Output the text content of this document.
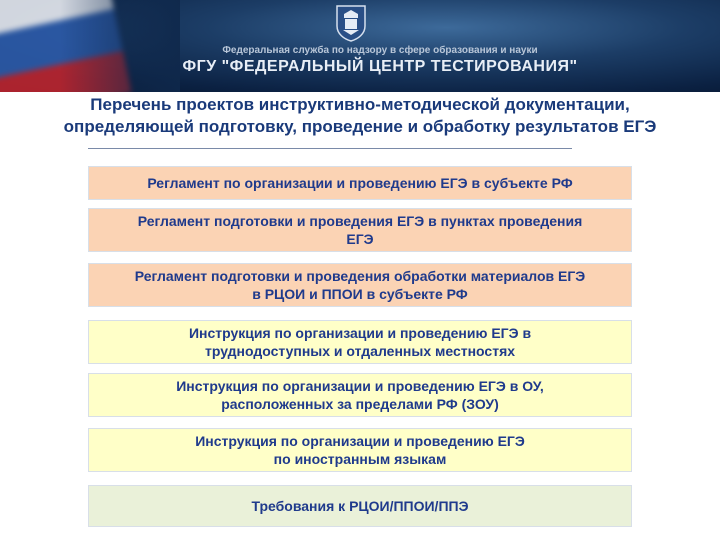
Федеральная служба по надзору в сфере образования и науки
ФГУ "ФЕДЕРАЛЬНЫЙ ЦЕНТР ТЕСТИРОВАНИЯ"
Перечень проектов инструктивно-методической документации,
определяющей подготовку, проведение и обработку результатов ЕГЭ
Регламент по организации и проведению ЕГЭ в субъекте РФ
Регламент подготовки и проведения ЕГЭ в пунктах проведения
ЕГЭ
Регламент подготовки и проведения обработки материалов ЕГЭ
в РЦОИ и ППОИ в субъекте РФ
Инструкция по организации и проведению ЕГЭ в
труднодоступных и отдаленных местностях
Инструкция по организации и проведению ЕГЭ в ОУ,
расположенных за пределами РФ (ЗОУ)
Инструкция по организации и проведению ЕГЭ
по иностранным языкам
Требования к РЦОИ/ППОИ/ППЭ
